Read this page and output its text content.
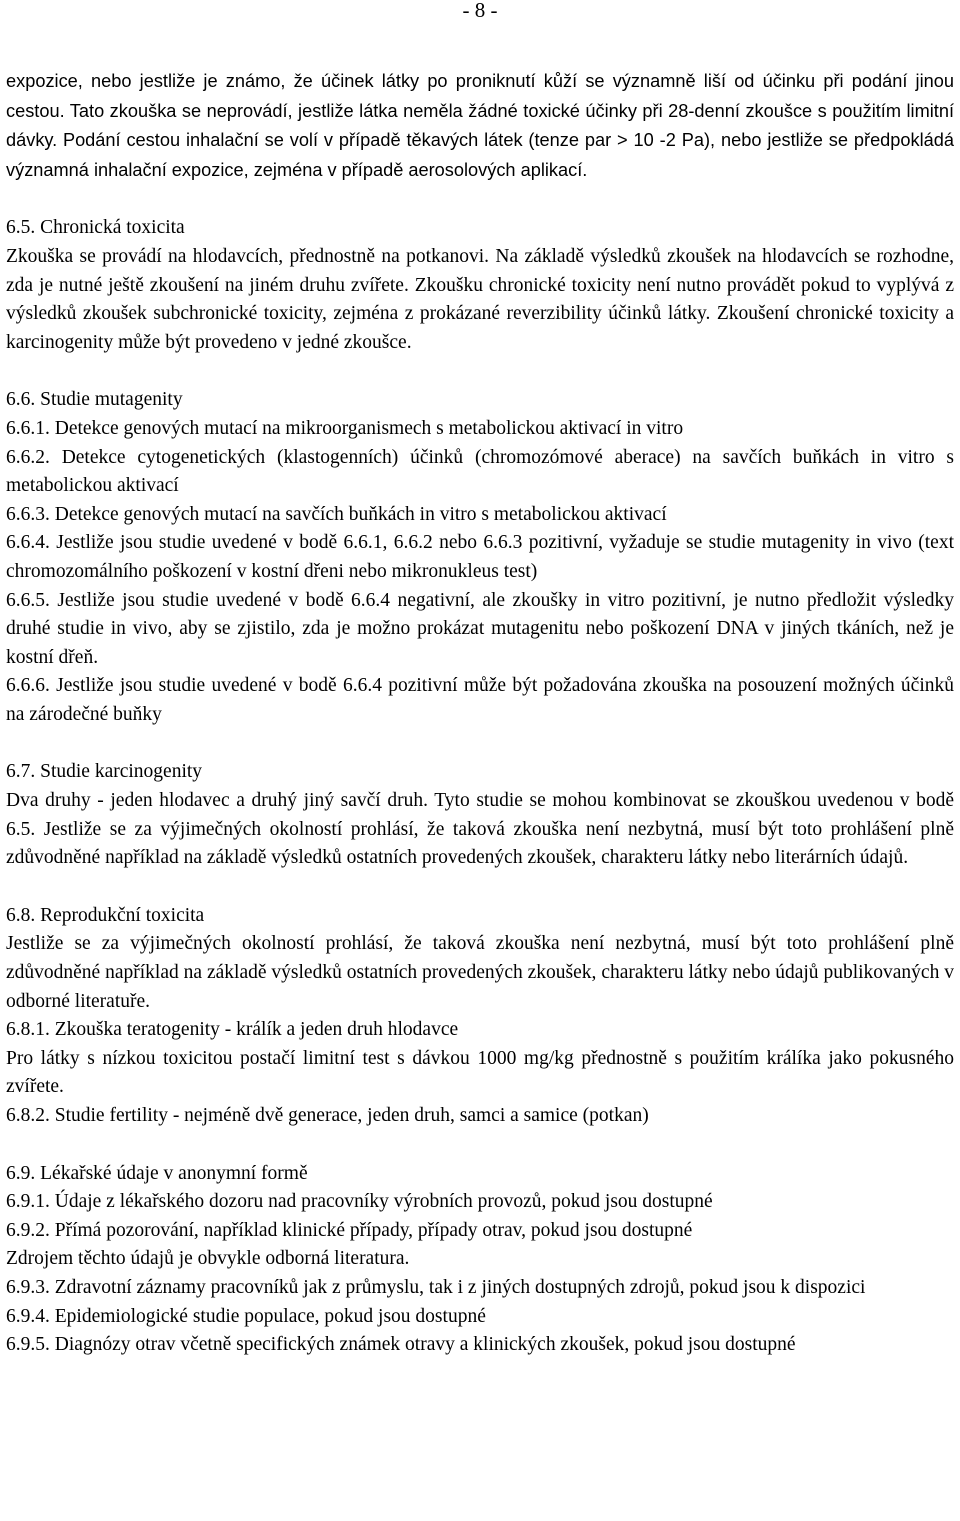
- 8 -

expozice, nebo jestliže je známo, že účinek látky po proniknutí kůží se významně liší od účinku při podání jinou cestou. Tato zkouška se neprovádí, jestliže látka neměla žádné toxické účinky při 28-denní zkoušce s použitím limitní dávky. Podání cestou inhalační se volí v případě těkavých látek (tenze par > 10 -2 Pa), nebo jestliže se předpokládá významná inhalační expozice, zejména v případě aerosolových aplikací.

6.5. Chronická toxicita

Zkouška se provádí na hlodavcích, přednostně na potkanovi. Na základě výsledků zkoušek na hlodavcích se rozhodne, zda je nutné ještě zkoušení na jiném druhu zvířete. Zkoušku chronické toxicity není nutno provádět pokud to vyplývá z výsledků zkoušek subchronické toxicity, zejména z prokázané reverzibility účinků látky. Zkoušení chronické toxicity a karcinogenity může být provedeno v jedné zkoušce.

6.6. Studie mutagenity

6.6.1. Detekce genových mutací na mikroorganismech s metabolickou aktivací in vitro

6.6.2. Detekce cytogenetických (klastogenních) účinků (chromozómové aberace) na savčích buňkách in vitro s metabolickou aktivací

6.6.3. Detekce genových mutací na savčích buňkách in vitro s metabolickou aktivací

6.6.4. Jestliže jsou studie uvedené v bodě 6.6.1, 6.6.2 nebo 6.6.3 pozitivní, vyžaduje se studie mutagenity in vivo (text chromozomálního poškození v kostní dřeni nebo mikronukleus test)

6.6.5. Jestliže jsou studie uvedené v bodě 6.6.4 negativní, ale zkoušky in vitro pozitivní, je nutno předložit výsledky druhé studie in vivo, aby se zjistilo, zda je možno prokázat mutagenitu nebo poškození DNA v jiných tkáních, než je kostní dřeň.

6.6.6. Jestliže jsou studie uvedené v bodě 6.6.4 pozitivní může být požadována zkouška na posouzení možných účinků na zárodečné buňky

6.7. Studie karcinogenity

Dva druhy - jeden hlodavec a druhý jiný savčí druh. Tyto studie se mohou kombinovat se zkouškou uvedenou v bodě 6.5. Jestliže se za výjimečných okolností prohlásí, že taková zkouška není nezbytná, musí být toto prohlášení plně zdůvodněné například na základě výsledků ostatních provedených zkoušek, charakteru látky nebo literárních údajů.

6.8. Reprodukční toxicita

Jestliže se za výjimečných okolností prohlásí, že taková zkouška není nezbytná, musí být toto prohlášení plně zdůvodněné například na základě výsledků ostatních provedených zkoušek, charakteru látky nebo údajů publikovaných v odborné literatuře.

6.8.1. Zkouška teratogenity - králík a jeden druh hlodavce

Pro látky s nízkou toxicitou postačí limitní test s dávkou 1000 mg/kg přednostně s použitím králíka jako pokusného zvířete.

6.8.2. Studie fertility - nejméně dvě generace, jeden druh, samci a samice (potkan)

6.9. Lékařské údaje v anonymní formě

6.9.1. Údaje z lékařského dozoru nad pracovníky výrobních provozů, pokud jsou dostupné

6.9.2. Přímá pozorování, například klinické případy, případy otrav, pokud jsou dostupné

Zdrojem těchto údajů je obvykle odborná literatura.

6.9.3. Zdravotní záznamy pracovníků jak z průmyslu, tak i z jiných dostupných zdrojů, pokud jsou k dispozici

6.9.4. Epidemiologické studie populace, pokud jsou dostupné

6.9.5. Diagnózy otrav včetně specifických známek otravy a klinických zkoušek, pokud jsou dostupné
